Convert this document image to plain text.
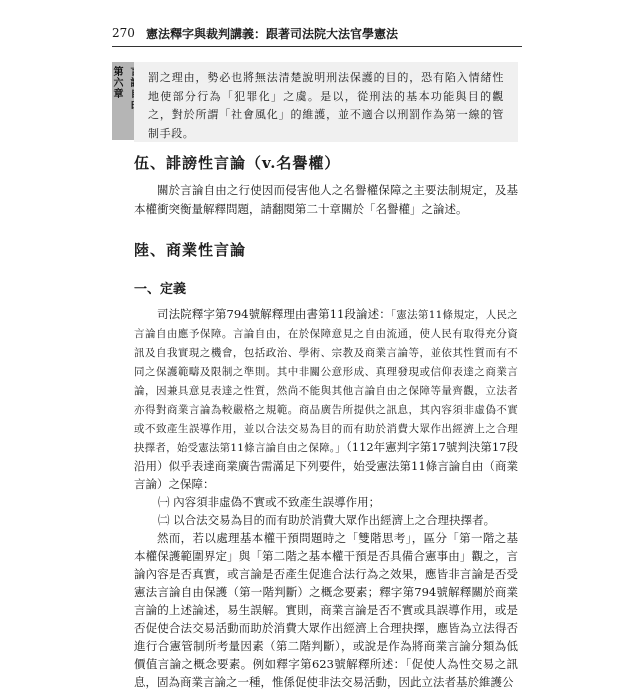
270 憲法釋字與裁判講義：跟著司法院大法官學憲法
第六章 罰之理由，勢必也將無法清楚說明刑法保護的目的，恐有陷入情緒性地使部分行為「犯罪化」之虞。是以，從刑法的基本功能與目的觀之，對於所謂「社會風化」的維護，並不適合以刑罰作為第一線的管制手段。

伍、誹謗性言論（v.名譽權）

關於言論自由之行使因而侵害他人之名譽權保障之主要法制規定，及基本權衝突衡量解釋問題，請翻閱第二十章關於「名譽權」之論述。

陸、商業性言論
一、定義

司法院釋字第794號解釋理由書第11段論述：「憲法第11條規定，人民之言論自由應予保障。言論自由，在於保障意見之自由流通，使人民有取得充分資訊及自我實現之機會，包括政治、學術、宗教及商業言論等，並依其性質而有不同之保護範疇及限制之準則。其中非關公意形成、真理發現或信仰表達之商業言論，因兼具意見表達之性質，然尚不能與其他言論自由之保障等量齊觀，立法者亦得對商業言論為較嚴格之規範。商品廣告所提供之訊息，其內容須非虛偽不實或不致產生誤導作用，並以合法交易為目的而有助於消費大眾作出經濟上之合理抉擇者，始受憲法第11條言論自由之保障。」（112年憲判字第17號判決第17段沿用）似乎表達商業廣告需滿足下列要件，始受憲法第11條言論自由（商業言論）之保障：

㈠ 內容須非虛偽不實或不致產生誤導作用；

㈡ 以合法交易為目的而有助於消費大眾作出經濟上之合理抉擇者。

然而，若以處理基本權干預問題時之「雙階思考」，區分「第一階之基本權保護範圍界定」與「第二階之基本權干預是否具備合憲事由」觀之，言論內容是否真實，或言論是否產生促進合法行為之效果，應皆非言論是否受憲法言論自由保護（第一階判斷）之概念要素；釋字第794號解釋關於商業言論的上述論述，易生誤解。實則，商業言論是否不實或具誤導作用，或是否促使合法交易活動而助於消費大眾作出經濟上合理抉擇，應皆為立法得否進行合憲管制所考量因素（第二階判斷），或說是作為將商業言論分類為低價值言論之概念要素。例如釋字第623號解釋所述：「促使人為性交易之訊息，固為商業言論之一種，惟係促使非法交易活動，因此立法者基於維護公
